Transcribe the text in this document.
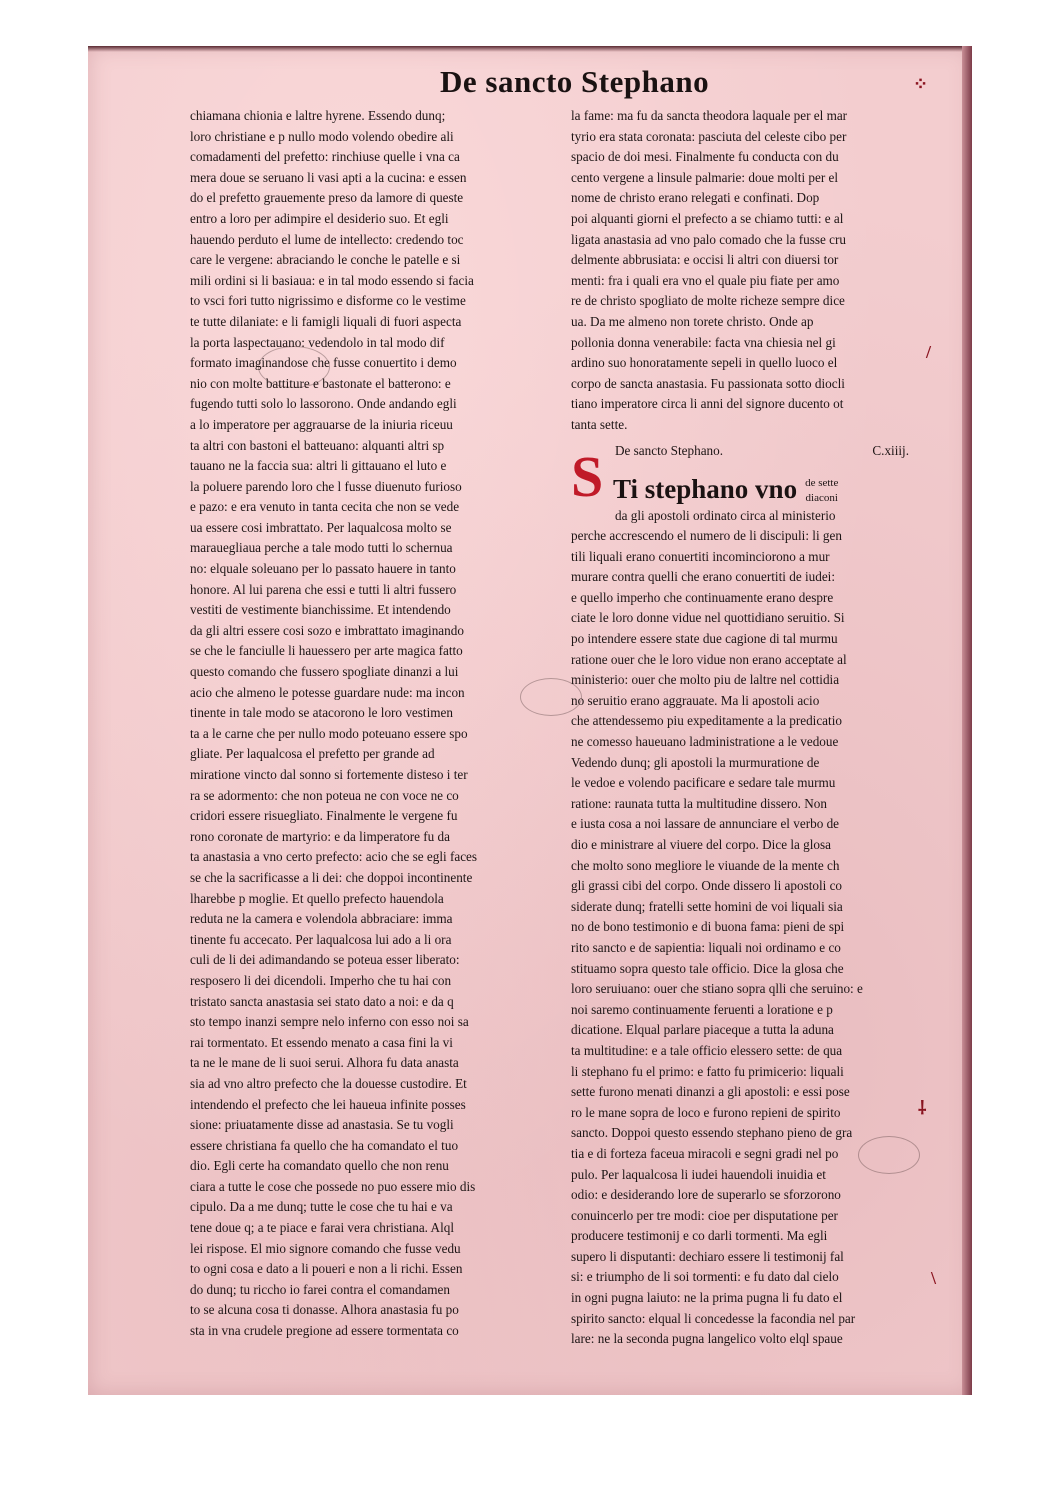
De sancto Stephano
chiamana chionia e laltre hyrene. Essendo dunq;
loro christiane e p nullo modo volendo obedire ali
comadamenti del prefetto: rinchiuse quelle i vna ca
mera doue se seruano li vasi apti a la cucina: e essen
do el prefetto grauemente preso da lamore di queste
entro a loro per adimpire el desiderio suo. Et egli
hauendo perduto el lume de intellecto: credendo toc
care le vergene: abraciando le conche le patelle e si
mili ordini si li basiaua: e in tal modo essendo si facia
to vsci fori tutto nigrissimo e disforme co le vestime
te tutte dilaniate: e li famigli liquali di fuori aspecta
la porta laspectauano: vedendolo in tal modo dif
formato imaginandose che fusse conuertito i demo
nio con molte battiture e bastonate el batterono: e
fugendo tutti solo lo lassorono. Onde andando egli
a lo imperatore per aggrauarse de la iniuria riceuu
ta altri con bastoni el batteuano: alquanti altri sp
tauano ne la faccia sua: altri li gittauano el luto e
la poluere parendo loro che l fusse diuenuto furioso
e pazo: e era venuto in tanta cecita che non se vede
ua essere cosi imbrattato. Per laqualcosa molto se
marauegliaua perche a tale modo tutti lo schernua
no: elquale soleuano per lo passato hauere in tanto
honore. Al lui parena che essi e tutti li altri fussero
vestiti de vestimente bianchissime. Et intendendo
da gli altri essere cosi sozo e imbrattato imaginando
se che le fanciulle li hauessero per arte magica fatto
questo comando che fussero spogliate dinanzi a lui
acio che almeno le potesse guardare nude: ma incon
tinente in tale modo se atacorono le loro vestimen
ta a le carne che per nullo modo poteuano essere spo
gliate. Per laqualcosa el prefetto per grande ad
miratione vincto dal sonno si fortemente disteso i ter
ra se adormento: che non poteua ne con voce ne co
cridori essere risuegliato. Finalmente le vergene fu
rono coronate de martyrio: e da limperatore fu da
ta anastasia a vno certo prefecto: acio che se egli faces
se che la sacrificasse a li dei: che doppoi incontinente
lharebbe p moglie. Et quello prefecto hauendola
reduta ne la camera e volendola abbraciare: imma
tinente fu accecato. Per laqualcosa lui ado a li ora
culi de li dei adimandando se poteua esser liberato:
resposero li dei dicendoli. Imperho che tu hai con
tristato sancta anastasia sei stato dato a noi: e da q
sto tempo inanzi sempre nelo inferno con esso noi sa
rai tormentato. Et essendo menato a casa fini la vi
ta ne le mane de li suoi serui. Alhora fu data anasta
sia ad vno altro prefecto che la douesse custodire. Et
intendendo el prefecto che lei haueua infinite posses
sione: priuatamente disse ad anastasia. Se tu vogli
essere christiana fa quello che ha comandato el tuo
dio. Egli certe ha comandato quello che non renu
ciara a tutte le cose che possede no puo essere mio dis
cipulo. Da a me dunq; tutte le cose che tu hai e va
tene doue q; a te piace e farai vera christiana. Alql
lei rispose. El mio signore comando che fusse vedu
to ogni cosa e dato a li poueri e non a li richi. Essen
do dunq; tu riccho io farei contra el comandamen
to se alcuna cosa ti donasse. Alhora anastasia fu po
sta in vna crudele pregione ad essere tormentata co
la fame: ma fu da sancta theodora laquale per el mar
tyrio era stata coronata: pasciuta del celeste cibo per
spacio de doi mesi. Finalmente fu conducta con du
cento vergene a linsule palmarie: doue molti per el
nome de christo erano relegati e confinati. Dop
poi alquanti giorni el prefecto a se chiamo tutti: e al
ligata anastasia ad vno palo comado che la fusse cru
delmente abbrusiata: e occisi li altri con diuersi tor
menti: fra i quali era vno el quale piu fiate per amo
re de christo spogliato de molte richeze sempre dice
ua. Da me almeno non torete christo. Onde ap
pollonia donna venerabile: facta vna chiesia nel gi
ardino suo honoratamente sepeli in quello luoco el
corpo de sancta anastasia. Fu passionata sotto diocli
tiano imperatore circa li anni del signore ducento ot
tanta sette.
De sancto Stephano.	C.xiiij.
S Ti stephano vno de sette
diaconi
da gli apostoli ordinato circa al ministerio
perche accrescendo el numero de li discipuli: li gen
tili liquali erano conuertiti incominciorono a mur
murare contra quelli che erano conuertiti de iudei:
e quello imperho che continuamente erano despre
ciate le loro donne vidue nel quottidiano seruitio. Si
po intendere essere state due cagione di tal murmu
ratione ouer che le loro vidue non erano acceptate al
ministerio: ouer che molto piu de laltre nel cottidia
no seruitio erano aggrauate. Ma li apostoli acio
che attendessemo piu expeditamente a la predicatio
ne comesso haueuano ladministratione a le vedoue
Vedendo dunq; gli apostoli la murmuratione de
le vedoe e volendo pacificare e sedare tale murmu
ratione: raunata tutta la multitudine dissero. Non
e iusta cosa a noi lassare de annunciare el verbo de
dio e ministrare al viuere del corpo. Dice la glosa
che molto sono megliore le viuande de la mente ch
gli grassi cibi del corpo. Onde dissero li apostoli co
siderate dunq; fratelli sette homini de voi liquali sia
no de bono testimonio e di buona fama: pieni de spi
rito sancto e de sapientia: liquali noi ordinamo e co
stituamo sopra questo tale officio. Dice la glosa che
loro seruiuano: ouer che stiano sopra qlli che seruino: e
noi saremo continuamente feruenti a loratione e p
dicatione. Elqual parlare piaceque a tutta la aduna
ta multitudine: e a tale officio elessero sette: de qua
li stephano fu el primo: e fatto fu primicerio: liquali
sette furono menati dinanzi a gli apostoli: e essi pose
ro le mane sopra de loco e furono repieni de spirito
sancto. Doppoi questo essendo stephano pieno de gra
tia e di forteza faceua miracoli e segni gradi nel po
pulo. Per laqualcosa li iudei hauendoli inuidia et
odio: e desiderando lore de superarlo se sforzorono
conuincerlo per tre modi: cioe per disputatione per
producere testimonij e co darli tormenti. Ma egli
supero li disputanti: dechiaro essere li testimonij fal
si: e triumpho de li soi tormenti: e fu dato dal cielo
in ogni pugna laiuto: ne la prima pugna li fu dato el
spirito sancto: elqual li concedesse la facondia nel par
lare: ne la seconda pugna langelico volto elql spaue
⁘
/
⸸
\
